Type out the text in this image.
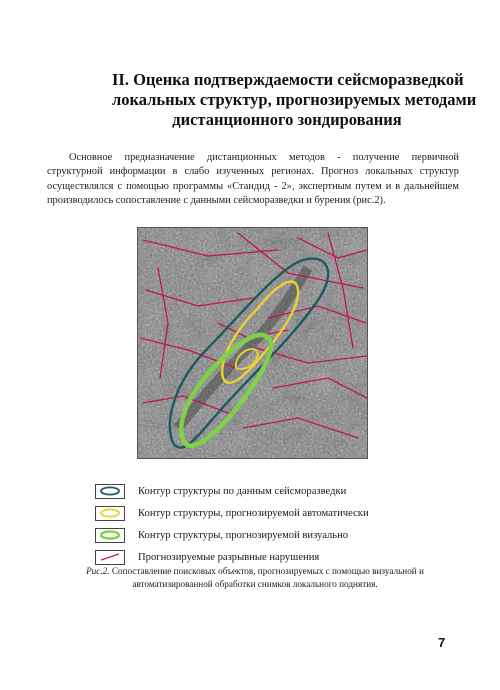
II. Оценка подтверждаемости сейсморазведкой
локальных структур, прогнозируемых методами
дистанционного зондирования

Основное предназначение дистанционных методов - получение первичной структурной информации в слабо изученных регионах. Прогноз локальных структур осуществлялся с помощью программы «Стандид - 2», экспертным путем и в дальнейшем производилось сопоставление с данными сейсморазведки и бурения (рис.2).

Контур структуры по данным сейсморазведки
Контур структуры, прогнозируемой автоматически
Контур структуры, прогнозируемой визуально
Прогнозируемые разрывные нарушения
Рис.2. Сопоставление поисковых объектов, прогнозируемых с помощью визуальной и автоматизированной обработки снимков локального поднятия.
7
